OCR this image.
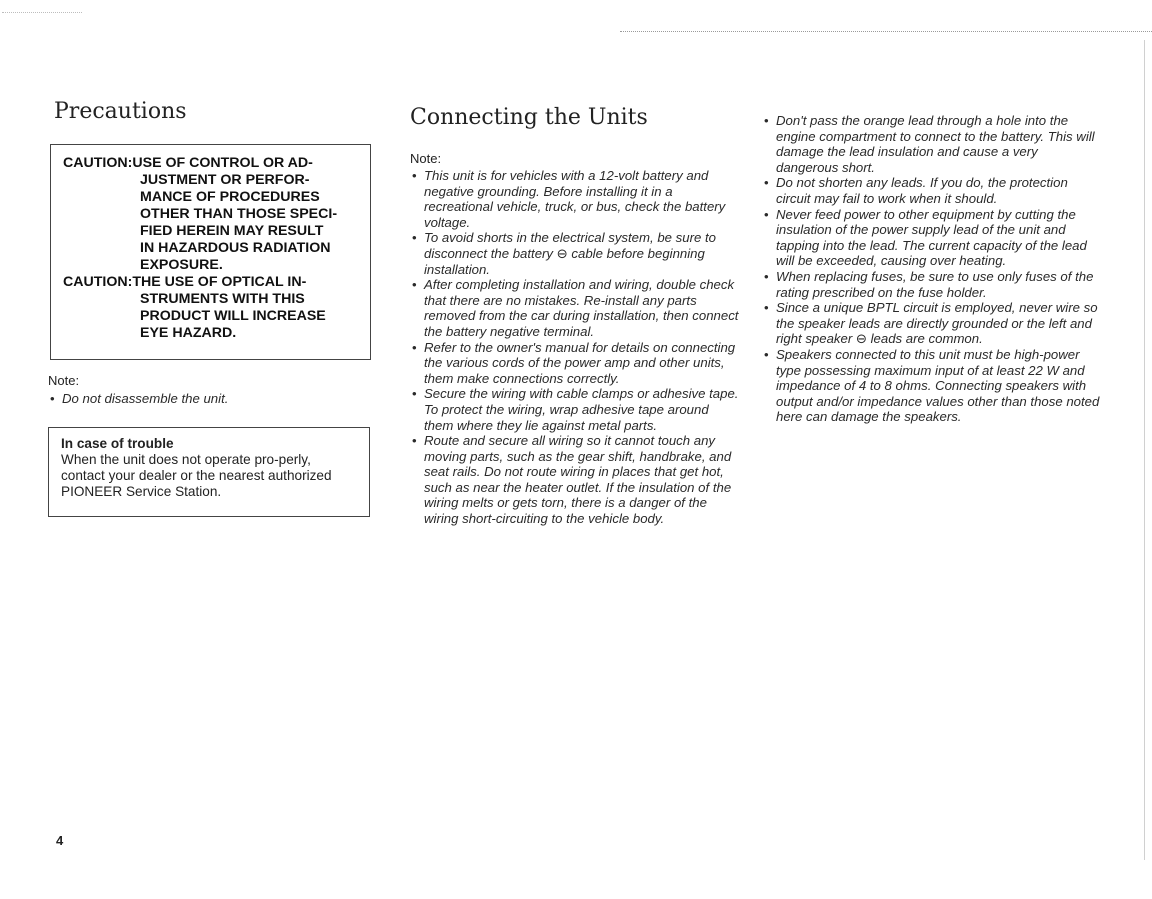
Precautions
CAUTION: USE OF CONTROL OR AD-
JUSTMENT OR PERFOR-
MANCE OF PROCEDURES
OTHER THAN THOSE SPECI-
FIED HEREIN MAY RESULT
IN HAZARDOUS RADIATION
EXPOSURE.
CAUTION: THE USE OF OPTICAL IN-
STRUMENTS WITH THIS
PRODUCT WILL INCREASE
EYE HAZARD.

Note:

• Do not disassemble the unit.
In case of trouble
When the unit does not operate pro-perly, contact your dealer or the nearest authorized PIONEER Service Station.
Connecting the Units

Note:

• This unit is for vehicles with a 12-volt battery and negative grounding. Before installing it in a recreational vehicle, truck, or bus, check the battery voltage.
• To avoid shorts in the electrical system, be sure to disconnect the battery ⊖ cable before beginning installation.
• After completing installation and wiring, double check that there are no mistakes. Re-install any parts removed from the car during installation, then connect the battery negative terminal.
• Refer to the owner's manual for details on connecting the various cords of the power amp and other units, them make connections correctly.
• Secure the wiring with cable clamps or adhesive tape. To protect the wiring, wrap adhesive tape around them where they lie against metal parts.
• Route and secure all wiring so it cannot touch any moving parts, such as the gear shift, handbrake, and seat rails. Do not route wiring in places that get hot, such as near the heater outlet. If the insulation of the wiring melts or gets torn, there is a danger of the wiring short-circuiting to the vehicle body.
• Don't pass the orange lead through a hole into the engine compartment to connect to the battery. This will damage the lead insulation and cause a very dangerous short.
• Do not shorten any leads. If you do, the protection circuit may fail to work when it should.
• Never feed power to other equipment by cutting the insulation of the power supply lead of the unit and tapping into the lead. The current capacity of the lead will be exceeded, causing over heating.
• When replacing fuses, be sure to use only fuses of the rating prescribed on the fuse holder.
• Since a unique BPTL circuit is employed, never wire so the speaker leads are directly grounded or the left and right speaker ⊖ leads are common.
• Speakers connected to this unit must be high-power type possessing maximum input of at least 22 W and impedance of 4 to 8 ohms. Connecting speakers with output and/or impedance values other than those noted here can damage the speakers.
4
